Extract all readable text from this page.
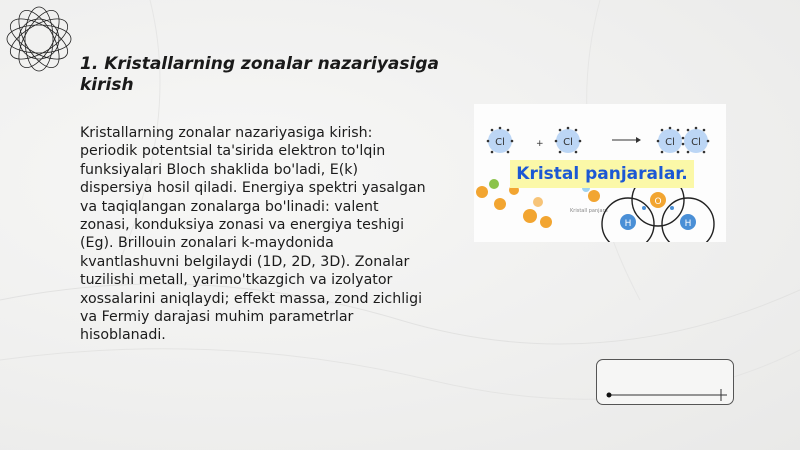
1. Kristallarning zonalar nazariyasiga kirish

Kristallarning zonalar nazariyasiga kirish: periodik potentsial ta'sirida elektron to'lqin funksiyalari Bloch shaklida bo'ladi, E(k) dispersiya hosil qiladi. Energiya spektri yasalgan va taqiqlangan zonalarga bo'linadi: valent zonasi, konduksiya zonasi va energiya teshigi (Eg). Brillouin zonalari k-maydonida kvantlashuvni belgilaydi (1D, 2D, 3D). Zonalar tuzilishi metall, yarimo'tkazgich va izolyator xossalarini aniqlaydi; effekt massa, zond zichligi va Fermiy darajasi muhim parametrlar hisoblanadi.

Cl	+ Cl	Cl Cl
Kristall panjara
O
H	H
Kristal panjaralar.
